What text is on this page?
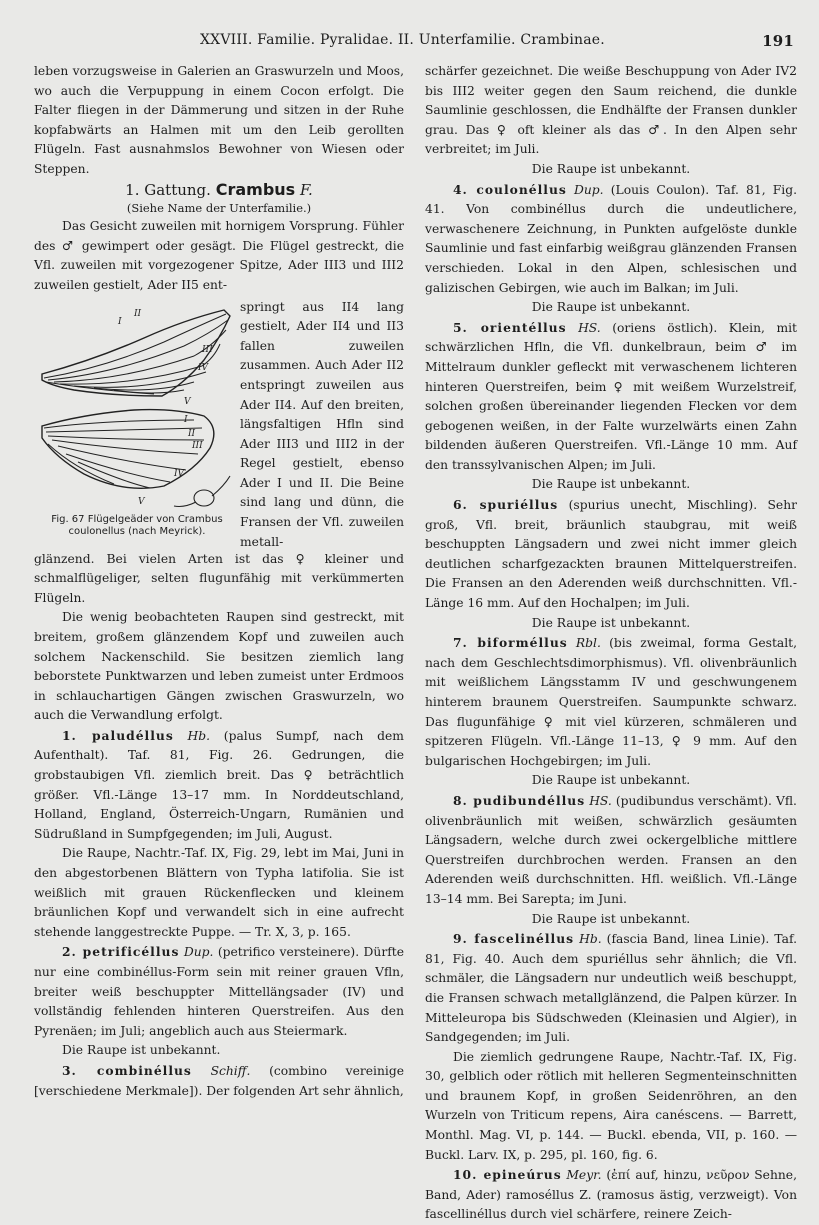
XXVIII. Familie. Pyralidae. II. Unterfamilie. Crambinae.	191

leben vorzugsweise in Galerien an Graswurzeln und Moos, wo auch die Verpuppung in einem Cocon erfolgt. Die Falter fliegen in der Dämmerung und sitzen in der Ruhe kopfabwärts an Halmen mit um den Leib gerollten Flügeln. Fast ausnahmslos Bewohner von Wiesen oder Steppen.

1. Gattung. Crambus F.

(Siehe Name der Unterfamilie.)

Das Gesicht zuweilen mit hornigem Vorsprung. Fühler des ♂ gewimpert oder gesägt. Die Flügel gestreckt, die Vfl. zuweilen mit vorgezogener Spitze, Ader III3 und III2 zuweilen gestielt, Ader II5 ent-

I
II
III
IV
V
I
II
III
IV
V
Fig. 67 Flügelgeäder von Crambus coulonellus (nach Meyrick).

springt aus II4 lang gestielt, Ader II4 und II3 fallen zuweilen zusammen. Auch Ader II2 entspringt zuweilen aus Ader II4. Auf den breiten, längsfaltigen Hfln sind Ader III3 und III2 in der Regel gestielt, ebenso Ader I und II. Die Beine sind lang und dünn, die Fransen der Vfl. zuweilen metall-

glänzend. Bei vielen Arten ist das ♀ kleiner und schmalflügeliger, selten flugunfähig mit verkümmerten Flügeln.

Die wenig beobachteten Raupen sind gestreckt, mit breitem, großem glänzendem Kopf und zuweilen auch solchem Nackenschild. Sie besitzen ziemlich lang beborstete Punktwarzen und leben zumeist unter Erdmoos in schlauchartigen Gängen zwischen Graswurzeln, wo auch die Verwandlung erfolgt.

1. paludéllus Hb. (palus Sumpf, nach dem Aufenthalt). Taf. 81, Fig. 26. Gedrungen, die grobstaubigen Vfl. ziemlich breit. Das ♀ beträchtlich größer. Vfl.-Länge 13–17 mm. In Norddeutschland, Holland, England, Österreich-Ungarn, Rumänien und Südrußland in Sumpfgegenden; im Juli, August.

Die Raupe, Nachtr.-Taf. IX, Fig. 29, lebt im Mai, Juni in den abgestorbenen Blättern von Typha latifolia. Sie ist weißlich mit grauen Rückenflecken und kleinem bräunlichen Kopf und verwandelt sich in eine aufrecht stehende langgestreckte Puppe. — Tr. X, 3, p. 165.

2. petrificéllus Dup. (petrifico versteinere). Dürfte nur eine combinéllus-Form sein mit reiner grauen Vfln, breiter weiß beschuppter Mittellängsader (IV) und vollständig fehlenden hinteren Querstreifen. Aus den Pyrenäen; im Juli; angeblich auch aus Steiermark.

Die Raupe ist unbekannt.

3. combinéllus Schiff. (combino vereinige [verschiedene Merkmale]). Der folgenden Art sehr ähnlich,

schärfer gezeichnet. Die weiße Beschuppung von Ader IV2 bis III2 weiter gegen den Saum reichend, die dunkle Saumlinie geschlossen, die Endhälfte der Fransen dunkler grau. Das ♀ oft kleiner als das ♂. In den Alpen sehr verbreitet; im Juli.

Die Raupe ist unbekannt.

4. coulonéllus Dup. (Louis Coulon). Taf. 81, Fig. 41. Von combinéllus durch die undeutlichere, verwaschenere Zeichnung, in Punkten aufgelöste dunkle Saumlinie und fast einfarbig weißgrau glänzenden Fransen verschieden. Lokal in den Alpen, schlesischen und galizischen Gebirgen, wie auch im Balkan; im Juli.

Die Raupe ist unbekannt.

5. orientéllus HS. (oriens östlich). Klein, mit schwärzlichen Hfln, die Vfl. dunkelbraun, beim ♂ im Mittelraum dunkler gefleckt mit verwaschenem lichteren hinteren Querstreifen, beim ♀ mit weißem Wurzelstreif, solchen großen übereinander liegenden Flecken vor dem gebogenen weißen, in der Falte wurzelwärts einen Zahn bildenden äußeren Querstreifen. Vfl.-Länge 10 mm. Auf den transsylvanischen Alpen; im Juli.

Die Raupe ist unbekannt.

6. spuriéllus (spurius unecht, Mischling). Sehr groß, Vfl. breit, bräunlich staubgrau, mit weiß beschuppten Längsadern und zwei nicht immer gleich deutlichen scharfgezackten braunen Mittelquerstreifen. Die Fransen an den Aderenden weiß durchschnitten. Vfl.-Länge 16 mm. Auf den Hochalpen; im Juli.

Die Raupe ist unbekannt.

7. biforméllus Rbl. (bis zweimal, forma Gestalt, nach dem Geschlechtsdimorphismus). Vfl. olivenbräunlich mit weißlichem Längsstamm IV und geschwungenem hinterem braunem Querstreifen. Saumpunkte schwarz. Das flugunfähige ♀ mit viel kürzeren, schmäleren und spitzeren Flügeln. Vfl.-Länge 11–13, ♀ 9 mm. Auf den bulgarischen Hochgebirgen; im Juli.

Die Raupe ist unbekannt.

8. pudibundéllus HS. (pudibundus verschämt). Vfl. olivenbräunlich mit weißen, schwärzlich gesäumten Längsadern, welche durch zwei ockergelbliche mittlere Querstreifen durchbrochen werden. Fransen an den Aderenden weiß durchschnitten. Hfl. weißlich. Vfl.-Länge 13–14 mm. Bei Sarepta; im Juni.

Die Raupe ist unbekannt.

9. fascelinéllus Hb. (fascia Band, linea Linie). Taf. 81, Fig. 40. Auch dem spuriéllus sehr ähnlich; die Vfl. schmäler, die Längsadern nur undeutlich weiß beschuppt, die Fransen schwach metallglänzend, die Palpen kürzer. In Mitteleuropa bis Südschweden (Kleinasien und Algier), in Sandgegenden; im Juli.

Die ziemlich gedrungene Raupe, Nachtr.-Taf. IX, Fig. 30, gelblich oder rötlich mit helleren Segmenteinschnitten und braunem Kopf, in großen Seidenröhren, an den Wurzeln von Triticum repens, Aira canéscens. — Barrett, Monthl. Mag. VI, p. 144. — Buckl. ebenda, VII, p. 160. — Buckl. Larv. IX, p. 295, pl. 160, fig. 6.

10. epineúrus Meyr. (ἐπί auf, hinzu, νεῦρον Sehne, Band, Ader) ramoséllus Z. (ramosus ästig, verzweigt). Von fascellinéllus durch viel schärfere, reinere Zeich-
